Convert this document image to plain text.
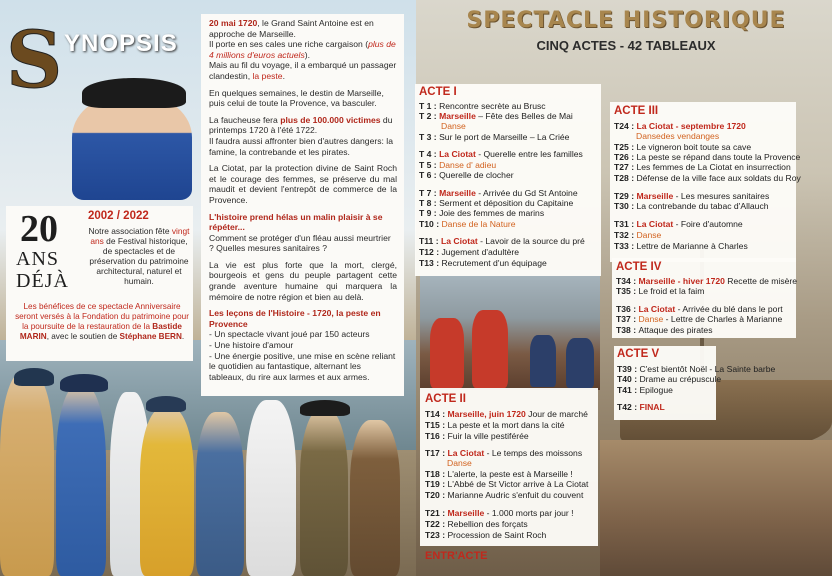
S YNOPSIS

20 mai 1720, le Grand Saint Antoine est en approche de Marseille.
Il porte en ses cales une riche cargaison (plus de 4 millions d'euros actuels).
Mais au fil du voyage, il a embarqué un passager clandestin, la peste.

En quelques semaines, le destin de Marseille, puis celui de toute la Provence, va basculer.

La faucheuse fera plus de 100.000 victimes du printemps 1720 à l'été 1722.
Il faudra aussi affronter bien d'autres dangers: la famine, la contrebande et les pirates.

La Ciotat, par la protection divine de Saint Roch et le courage des femmes, se préserve du mal maudit et devient l'entrepôt de commerce de la Provence.

L'histoire prend hélas un malin plaisir à se répéter...

Comment se protéger d'un fléau aussi meurtrier ? Quelles mesures sanitaires ?

La vie est plus forte que la mort, clergé, bourgeois et gens du peuple partagent cette grande aventure humaine qui marquera la mémoire de notre région et bien au delà.

Les leçons de l'Histoire - 1720, la peste en Provence

- Un spectacle vivant joué par 150 acteurs
- Une histoire d'amour
- Une énergie positive, une mise en scène reliant le quotidien au fantastique, alternant les tableaux, du rire aux larmes et aux armes.
20
ANS
DÉJÀ
2002 / 2022
Notre association fête vingt ans de Festival historique, de spectacles et de préservation du patrimoine architectural, naturel et humain.
Les bénéfices de ce spectacle Anniversaire seront versés à la Fondation du patrimoine pour la poursuite de la restauration de la Bastide MARIN, avec le soutien de Stéphane BERN.
SPECTACLE HISTORIQUE
CINQ ACTES - 42 TABLEAUX
ACTE I
T 1 : Rencontre secrète au Brusc
T 2 : Marseille – Fête des Belles de Mai
Danse
T 3 : Sur le port de Marseille – La Criée
T 4 : La Ciotat - Querelle entre les familles
T 5 : Danse d' adieu
T 6 : Querelle de clocher
T 7 : Marseille - Arrivée du Gd St Antoine
T 8 : Serment et déposition du Capitaine
T 9 : Joie des femmes de marins
T10 : Danse de la Nature
T11 : La Ciotat - Lavoir de la source du pré
T12 : Jugement d'adultère
T13 : Recrutement d'un équipage
ACTE II
T14 : Marseille, juin 1720 Jour de marché
T15 : La peste et la mort dans la cité
T16 : Fuir la ville pestiférée
T17 : La Ciotat - Le temps des moissons
Danse
T18 : L'alerte, la peste est à Marseille !
T19 : L'Abbé de St Victor arrive à La Ciotat
T20 : Marianne Audric s'enfuit du couvent
T21 : Marseille - 1.000 morts par jour !
T22 : Rebellion des forçats
T23 : Procession de Saint Roch
ACTE III
T24 : La Ciotat - septembre 1720
Dansedes vendanges
T25 : Le vigneron boit toute sa cave
T26 : La peste se répand dans toute la Provence
T27 : Les femmes de La Ciotat en insurrection
T28 : Défense de la ville face aux soldats du Roy
T29 : Marseille - Les mesures sanitaires
T30 : La contrebande du tabac d'Allauch
T31 : La Ciotat - Foire d'automne
T32 : Danse
T33 : Lettre de Marianne à Charles
ACTE IV
T34 : Marseille - hiver 1720 Recette de misère
T35 : Le froid et la faim
T36 : La Ciotat - Arrivée du blé dans le port
T37 : Danse - Lettre de Charles à Marianne
T38 : Attaque des pirates
ACTE V
T39 : C'est bientôt Noël - La Sainte barbe
T40 : Drame au crépuscule
T41 : Epilogue
T42 : FINAL
ENTR'ACTE
